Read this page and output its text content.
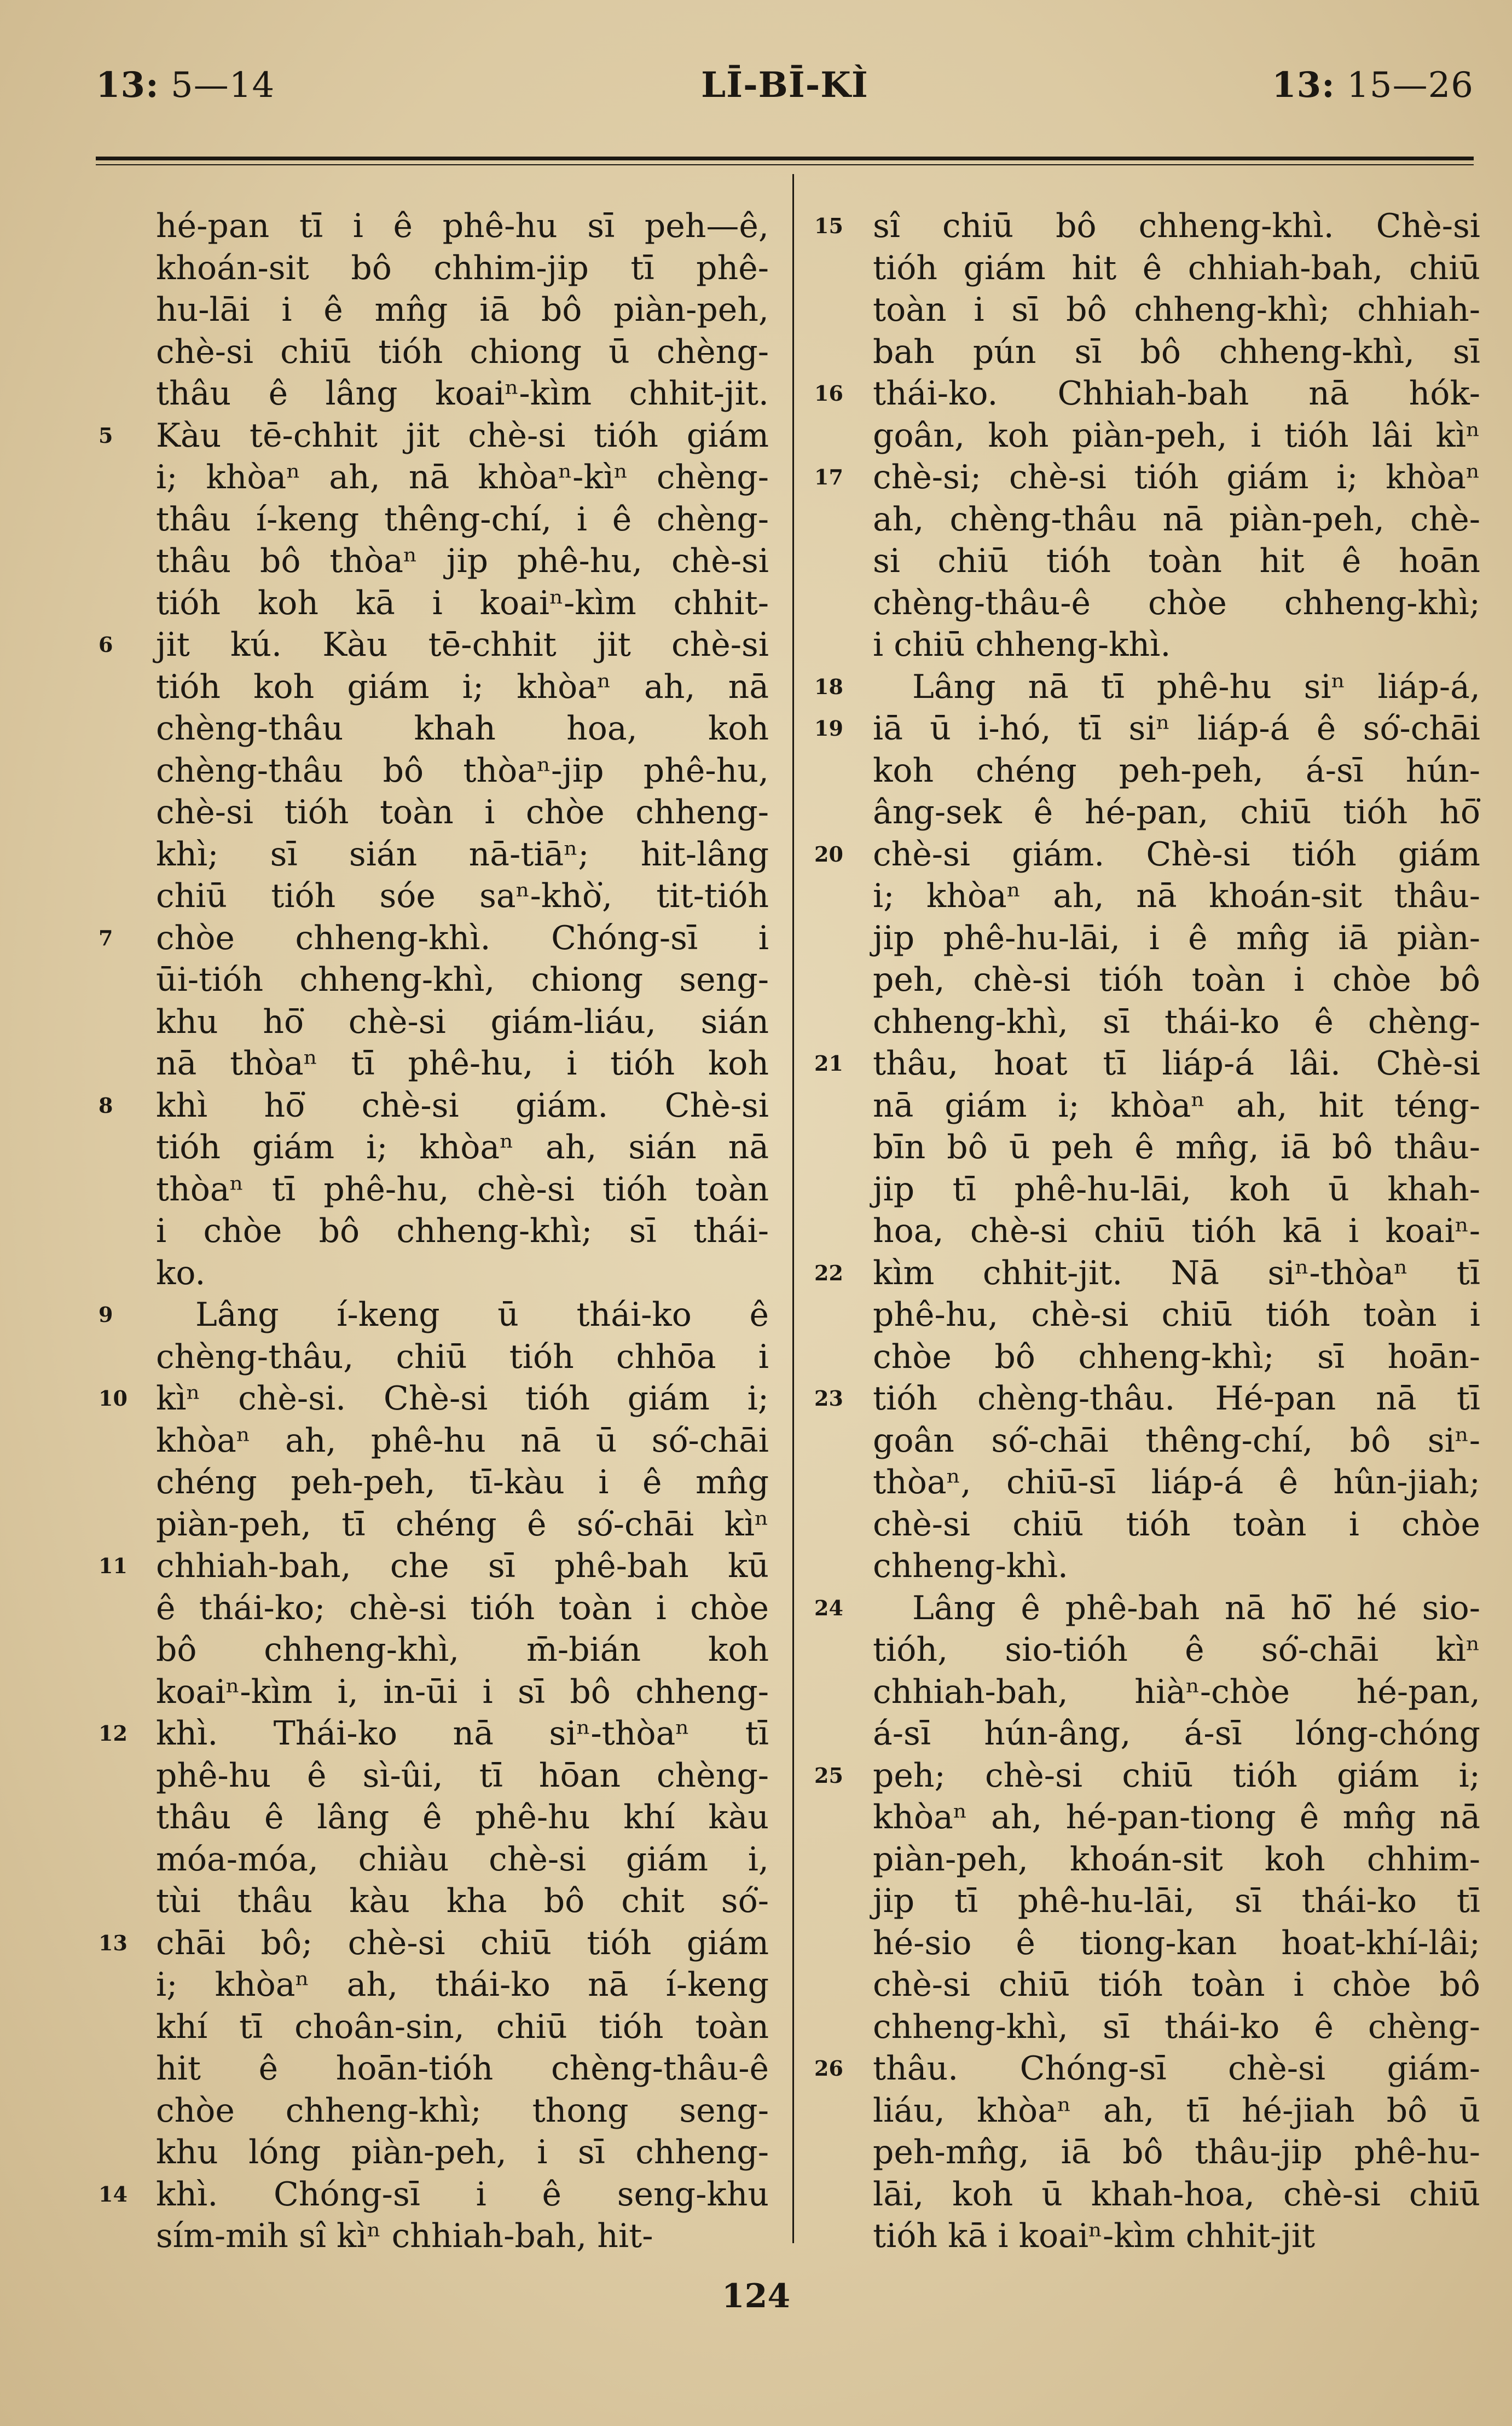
13: 5—14	LĪ-BĪ-KÌ	13: 15—26
hé-pan tī i ê phê-hu sī peh—ê,
khoán-sit bô chhim-jip tī phê-
hu-lāi i ê mn̂g iā bô piàn-peh,
chè-si chiū tióh chiong ū chèng-
thâu ê lâng koaiⁿ-kìm chhit-jit.
Kàu tē-chhit jit chè-si tióh giám
i; khòaⁿ ah, nā khòaⁿ-kìⁿ chèng-
thâu í-keng thêng-chí, i ê chèng-
thâu bô thòaⁿ jip phê-hu, chè-si
tióh koh kā i koaiⁿ-kìm chhit-
jit kú. Kàu tē-chhit jit chè-si
tióh koh giám i; khòaⁿ ah, nā
chèng-thâu khah hoa, koh
chèng-thâu bô thòaⁿ-jip phê-hu,
chè-si tióh toàn i chòe chheng-
khì; sī sián nā-tiāⁿ; hit-lâng
chiū tióh sóe saⁿ-khò͘, tit-tióh
chòe chheng-khì. Chóng-sī i
ūi-tióh chheng-khì, chiong seng-
khu hō͘ chè-si giám-liáu, sián
nā thòaⁿ tī phê-hu, i tióh koh
khì hō͘ chè-si giám. Chè-si
tióh giám i; khòaⁿ ah, sián nā
thòaⁿ tī phê-hu, chè-si tióh toàn
i chòe bô chheng-khì; sī thái-
ko.
Lâng í-keng ū thái-ko ê
chèng-thâu, chiū tióh chhōa i
kìⁿ chè-si. Chè-si tióh giám i;
khòaⁿ ah, phê-hu nā ū só͘-chāi
chéng peh-peh, tī-kàu i ê mn̂g
piàn-peh, tī chéng ê só͘-chāi kìⁿ
chhiah-bah, che sī phê-bah kū
ê thái-ko; chè-si tióh toàn i chòe
bô chheng-khì, m̄-bián koh
koaiⁿ-kìm i, in-ūi i sī bô chheng-
khì. Thái-ko nā siⁿ-thòaⁿ tī
phê-hu ê sì-ûi, tī hōan chèng-
thâu ê lâng ê phê-hu khí kàu
móa-móa, chiàu chè-si giám i,
tùi thâu kàu kha bô chit só͘-
chāi bô; chè-si chiū tióh giám
i; khòaⁿ ah, thái-ko nā í-keng
khí tī choân-sin, chiū tióh toàn
hit ê hoān-tióh chèng-thâu-ê
chòe chheng-khì; thong seng-
khu lóng piàn-peh, i sī chheng-
khì. Chóng-sī i ê seng-khu
sím-mih sî kìⁿ chhiah-bah, hit-
sî chiū bô chheng-khì. Chè-si
tióh giám hit ê chhiah-bah, chiū
toàn i sī bô chheng-khì; chhiah-
bah pún sī bô chheng-khì, sī
thái-ko. Chhiah-bah nā hók-
goân, koh piàn-peh, i tióh lâi kìⁿ
chè-si; chè-si tióh giám i; khòaⁿ
ah, chèng-thâu nā piàn-peh, chè-
si chiū tióh toàn hit ê hoān
chèng-thâu-ê chòe chheng-khì;
i chiū chheng-khì.
Lâng nā tī phê-hu siⁿ liáp-á,
iā ū i-hó, tī siⁿ liáp-á ê só͘-chāi
koh chéng peh-peh, á-sī hún-
âng-sek ê hé-pan, chiū tióh hō͘
chè-si giám. Chè-si tióh giám
i; khòaⁿ ah, nā khoán-sit thâu-
jip phê-hu-lāi, i ê mn̂g iā piàn-
peh, chè-si tióh toàn i chòe bô
chheng-khì, sī thái-ko ê chèng-
thâu, hoat tī liáp-á lâi. Chè-si
nā giám i; khòaⁿ ah, hit téng-
bīn bô ū peh ê mn̂g, iā bô thâu-
jip tī phê-hu-lāi, koh ū khah-
hoa, chè-si chiū tióh kā i koaiⁿ-
kìm chhit-jit. Nā siⁿ-thòaⁿ tī
phê-hu, chè-si chiū tióh toàn i
chòe bô chheng-khì; sī hoān-
tióh chèng-thâu. Hé-pan nā tī
goân só͘-chāi thêng-chí, bô siⁿ-
thòaⁿ, chiū-sī liáp-á ê hûn-jiah;
chè-si chiū tióh toàn i chòe
chheng-khì.
Lâng ê phê-bah nā hō͘ hé sio-
tióh, sio-tióh ê só͘-chāi kìⁿ
chhiah-bah, hiàⁿ-chòe hé-pan,
á-sī hún-âng, á-sī lóng-chóng
peh; chè-si chiū tióh giám i;
khòaⁿ ah, hé-pan-tiong ê mn̂g nā
piàn-peh, khoán-sit koh chhim-
jip tī phê-hu-lāi, sī thái-ko tī
hé-sio ê tiong-kan hoat-khí-lâi;
chè-si chiū tióh toàn i chòe bô
chheng-khì, sī thái-ko ê chèng-
thâu. Chóng-sī chè-si giám-
liáu, khòaⁿ ah, tī hé-jiah bô ū
peh-mn̂g, iā bô thâu-jip phê-hu-
lāi, koh ū khah-hoa, chè-si chiū
tióh kā i koaiⁿ-kìm chhit-jit
5
6
7
8
9
10
11
12
13
14
15
16
17
18
19
20
21
22
23
24
25
26
124
